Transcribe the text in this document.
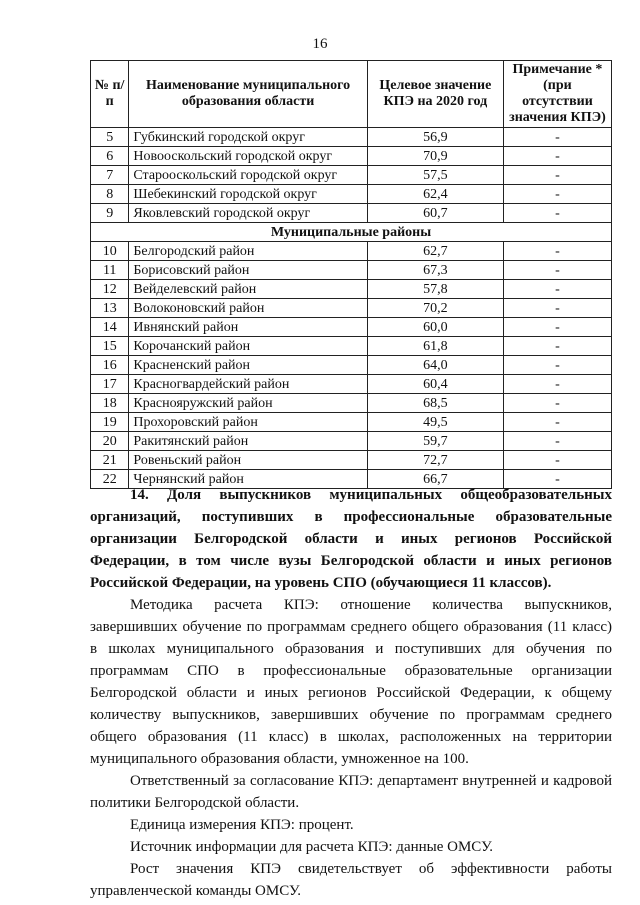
16
№ п/п	Наименование муниципального образования области	Целевое значение КПЭ на 2020 год	Примечание *
(при отсутствии значения КПЭ)
5	Губкинский городской округ	56,9	-
6	Новооскольский городской округ	70,9	-
7	Старооскольский городской округ	57,5	-
8	Шебекинский городской округ	62,4	-
9	Яковлевский городской округ	60,7	-
Муниципальные районы			
10	Белгородский район	62,7	-
11	Борисовский район	67,3	-
12	Вейделевский район	57,8	-
13	Волоконовский район	70,2	-
14	Ивнянский район	60,0	-
15	Корочанский район	61,8	-
16	Красненский район	64,0	-
17	Красногвардейский район	60,4	-
18	Краснояружский район	68,5	-
19	Прохоровский район	49,5	-
20	Ракитянский район	59,7	-
21	Ровеньский район	72,7	-
22	Чернянский район	66,7	-

14. Доля выпускников муниципальных общеобразовательных организаций, поступивших в профессиональные образовательные организации Белгородской области и иных регионов Российской Федерации, в том числе вузы Белгородской области и иных регионов Российской Федерации, на уровень СПО (обучающиеся 11 классов).

Методика расчета КПЭ: отношение количества выпускников, завершивших обучение по программам среднего общего образования (11 класс) в школах муниципального образования и поступивших для обучения по программам СПО в профессиональные образовательные организации Белгородской области и иных регионов Российской Федерации, к общему количеству выпускников, завершивших обучение по программам среднего общего образования (11 класс) в школах, расположенных на территории муниципального образования области, умноженное на 100.

Ответственный за согласование КПЭ: департамент внутренней и кадровой политики Белгородской области.

Единица измерения КПЭ: процент.

Источник информации для расчета КПЭ: данные ОМСУ.

Рост значения КПЭ свидетельствует об эффективности работы управленческой команды ОМСУ.
